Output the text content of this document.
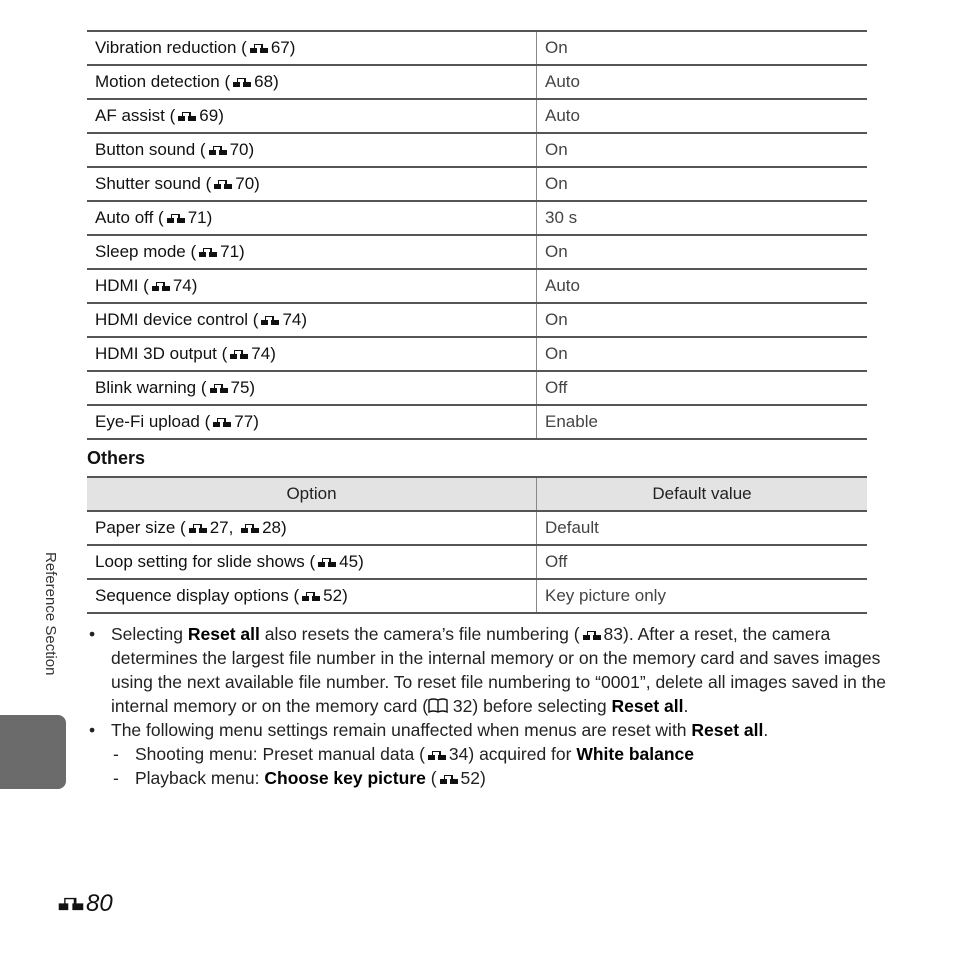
Vibration reduction ( 67)	On
Motion detection ( 68)	Auto
AF assist ( 69)	Auto
Button sound ( 70)	On
Shutter sound ( 70)	On
Auto off ( 71)	30 s
Sleep mode ( 71)	On
HDMI ( 74)	Auto
HDMI device control ( 74)	On
HDMI 3D output ( 74)	On
Blink warning ( 75)	Off
Eye-Fi upload ( 77)	Enable
Others
Option	Default value
Paper size ( 27, 28)	Default
Loop setting for slide shows ( 45)	Off
Sequence display options ( 52)	Key picture only
• Selecting Reset all also resets the camera’s file numbering ( 83). After a reset, the camera determines the largest file number in the internal memory or on the memory card and saves images using the next available file number. To reset file numbering to “0001”, delete all images saved in the internal memory or on the memory card ( 32) before selecting Reset all.
• The following menu settings remain unaffected when menus are reset with Reset all.
- Shooting menu: Preset manual data ( 34) acquired for White balance
- Playback menu: Choose key picture ( 52)
Reference Section
80
